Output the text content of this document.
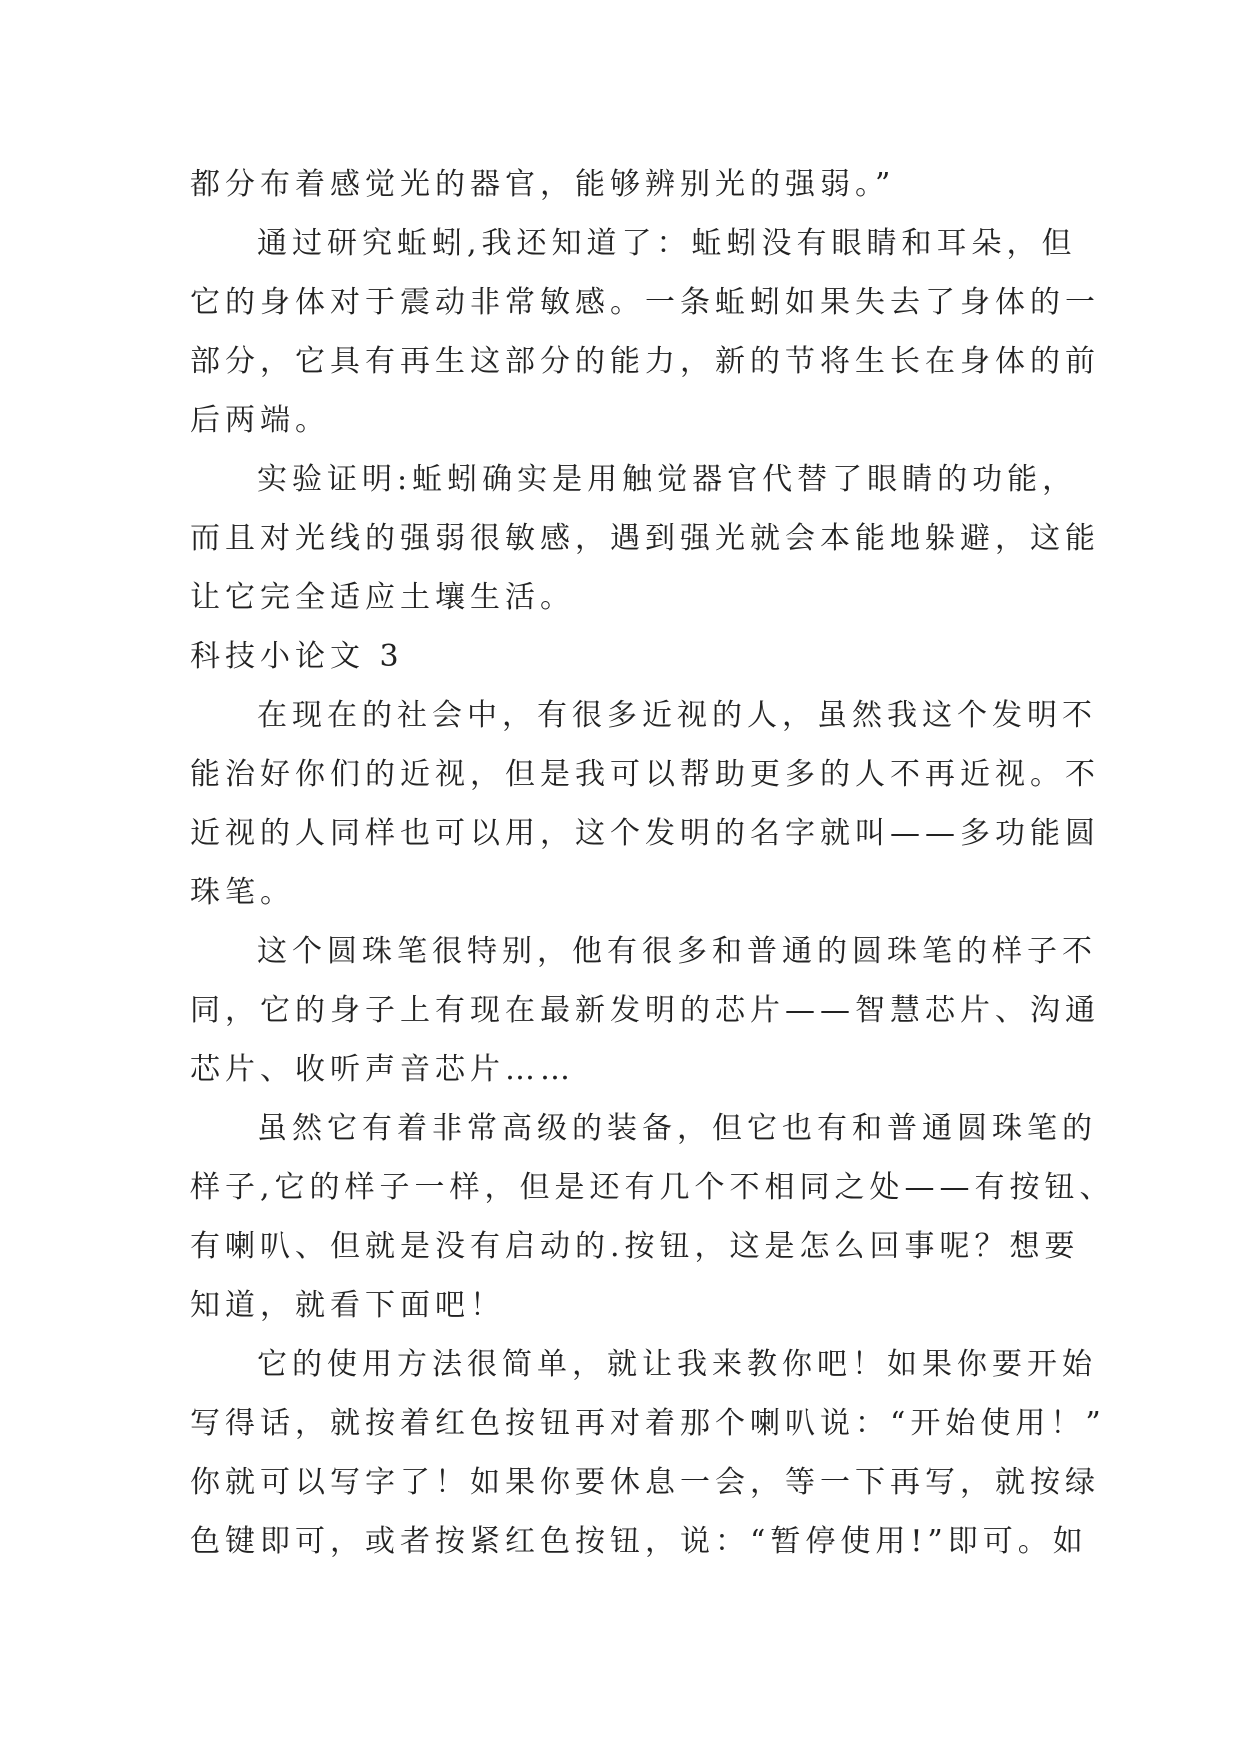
都分布着感觉光的器官，能够辨别光的强弱。”
通过研究蚯蚓,我还知道了：蚯蚓没有眼睛和耳朵，但
它的身体对于震动非常敏感。一条蚯蚓如果失去了身体的一
部分，它具有再生这部分的能力，新的节将生长在身体的前
后两端。
实验证明:蚯蚓确实是用触觉器官代替了眼睛的功能，
而且对光线的强弱很敏感，遇到强光就会本能地躲避，这能
让它完全适应土壤生活。
科技小论文 3
在现在的社会中，有很多近视的人，虽然我这个发明不
能治好你们的近视，但是我可以帮助更多的人不再近视。不
近视的人同样也可以用，这个发明的名字就叫——多功能圆
珠笔。
这个圆珠笔很特别，他有很多和普通的圆珠笔的样子不
同，它的身子上有现在最新发明的芯片——智慧芯片、沟通
芯片、收听声音芯片……
虽然它有着非常高级的装备，但它也有和普通圆珠笔的
样子,它的样子一样，但是还有几个不相同之处——有按钮、
有喇叭、但就是没有启动的.按钮，这是怎么回事呢？想要
知道，就看下面吧！
它的使用方法很简单，就让我来教你吧！如果你要开始
写得话，就按着红色按钮再对着那个喇叭说：“开始使用！”
你就可以写字了！如果你要休息一会，等一下再写，就按绿
色键即可，或者按紧红色按钮，说：“暂停使用!”即可。如
